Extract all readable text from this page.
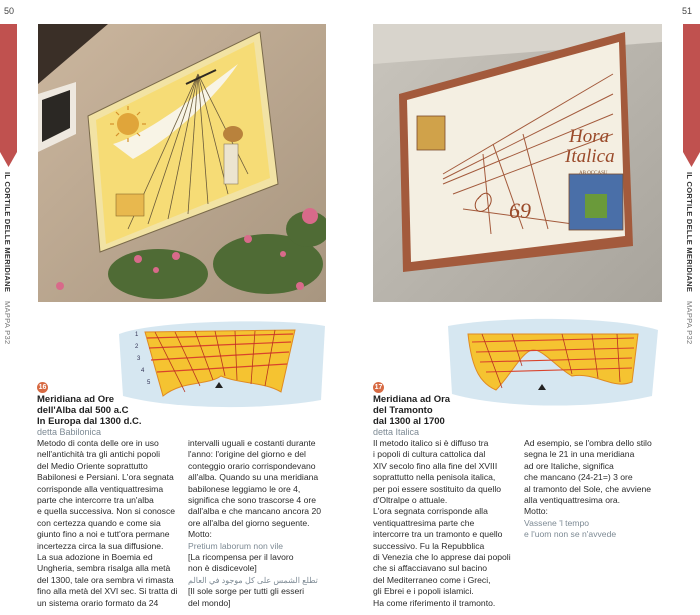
50
IL CORTILE DELLE MERIDIANE MAPPA P32	1
2
3
4
5
16
Meridiana ad Ore
dell'Alba dal 500 a.C
In Europa dal 1300 d.C.
detta Babilonica
Metodo di conta delle ore in uso
nell'antichità tra gli antichi popoli
del Medio Oriente soprattutto
Babilonesi e Persiani. L'ora segnata
corrisponde alla ventiquattresima
parte che intercorre tra un'alba
e quella successiva. Non si conosce
con certezza quando e come sia
giunto fino a noi e tutt'ora permane
incertezza circa la sua diffusione.
La sua adozione in Boemia ed
Ungheria, sembra risalga alla metà
del 1300, tale ora sembra vi rimasta
fino alla metà del XVI sec. Si tratta di
un sistema orario formato da 24
intervalli uguali e costanti durante
l'anno: l'origine del giorno e del
conteggio orario corrispondevano
all'alba. Quando su una meridiana
babilonese leggiamo le ore 4,
significa che sono trascorse 4 ore
dall'alba e che mancano ancora 20
ore all'alba del giorno seguente.
Motto:
Pretium laborum non vile
[La ricompensa per il lavoro
non è disdicevole]
تطلع الشمس على كل موجود في العالم
[Il sole sorge per tutti gli esseri
del mondo]
51
IL CORTILE DELLE MERIDIANE MAPPA P32
Hora
Italica
AB OCCASU
69
17
Meridiana ad Ora
del Tramonto
dal 1300 al 1700
detta Italica
Il metodo italico si è diffuso tra
i popoli di cultura cattolica dal
XIV secolo fino alla fine del XVIII
soprattutto nella penisola italica,
per poi essere sostituito da quello
d'Oltralpe o attuale.
L'ora segnata corrisponde alla
ventiquattresima parte che
intercorre tra un tramonto e quello
successivo. Fu la Repubblica
di Venezia che lo apprese dai popoli
che si affacciavano sul bacino
del Mediterraneo come i Greci,
gli Ebrei e i popoli islamici.
Ha come riferimento il tramonto.
Ad esempio, se l'ombra dello stilo
segna le 21 in una meridiana
ad ore Italiche, significa
che mancano (24-21=) 3 ore
al tramonto del Sole, che avviene
alla ventiquattresima ora.
Motto:
Vassene 'l tempo
e l'uom non se n'avvede
